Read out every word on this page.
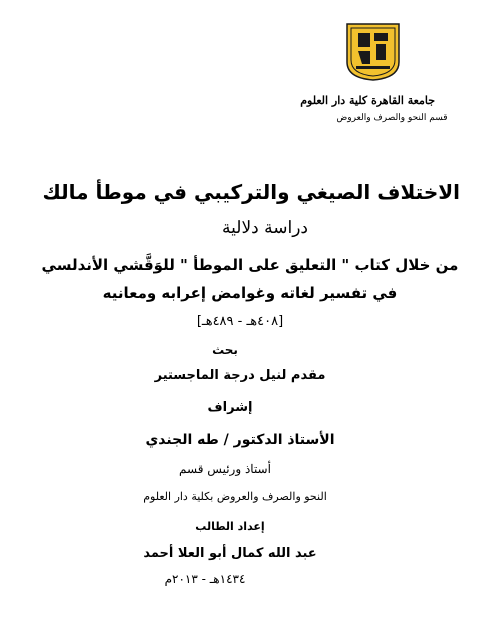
جامعة القاهرة كلية دار العلوم
قسم النحو والصرف والعروض
الاختلاف الصيغي والتركيبي في موطأ مالك
دراسة دلالية
من خلال كتاب " التعليق على الموطأ " للوَقَّشي الأندلسي
في تفسير لغاته وغوامض إعرابه ومعانيه
[٤٠٨هـ - ٤٨٩هـ]
بحث
مقدم لنيل درجة الماجستير
إشراف
الأستاذ الدكتور / طه الجندي
أستاذ ورئيس قسم
النحو والصرف والعروض بكلية دار العلوم
إعداد الطالب
عبد الله كمال أبو العلا أحمد
١٤٣٤هـ - ٢٠١٣م
